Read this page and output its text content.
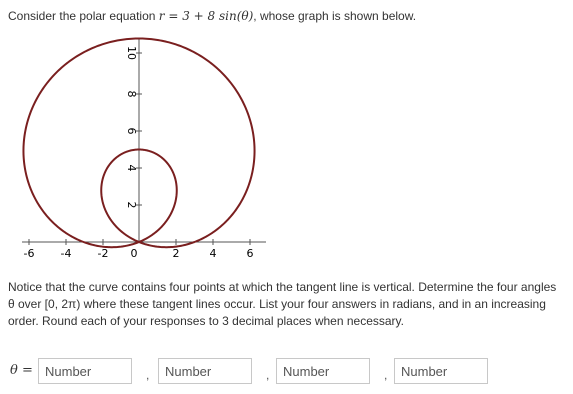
Consider the polar equation r = 3 + 8 sin(θ), whose graph is shown below.
2
4
6
8
10
-6 -4 -2 0	2	4	6
Notice that the curve contains four points at which the tangent line is vertical. Determine the four angles
θ over [0, 2π) where these tangent lines occur. List your four answers in radians, and in an increasing
order. Round each of your responses to 3 decimal places when necessary.
θ =
Number	,
Number	,
Number	,
Number
